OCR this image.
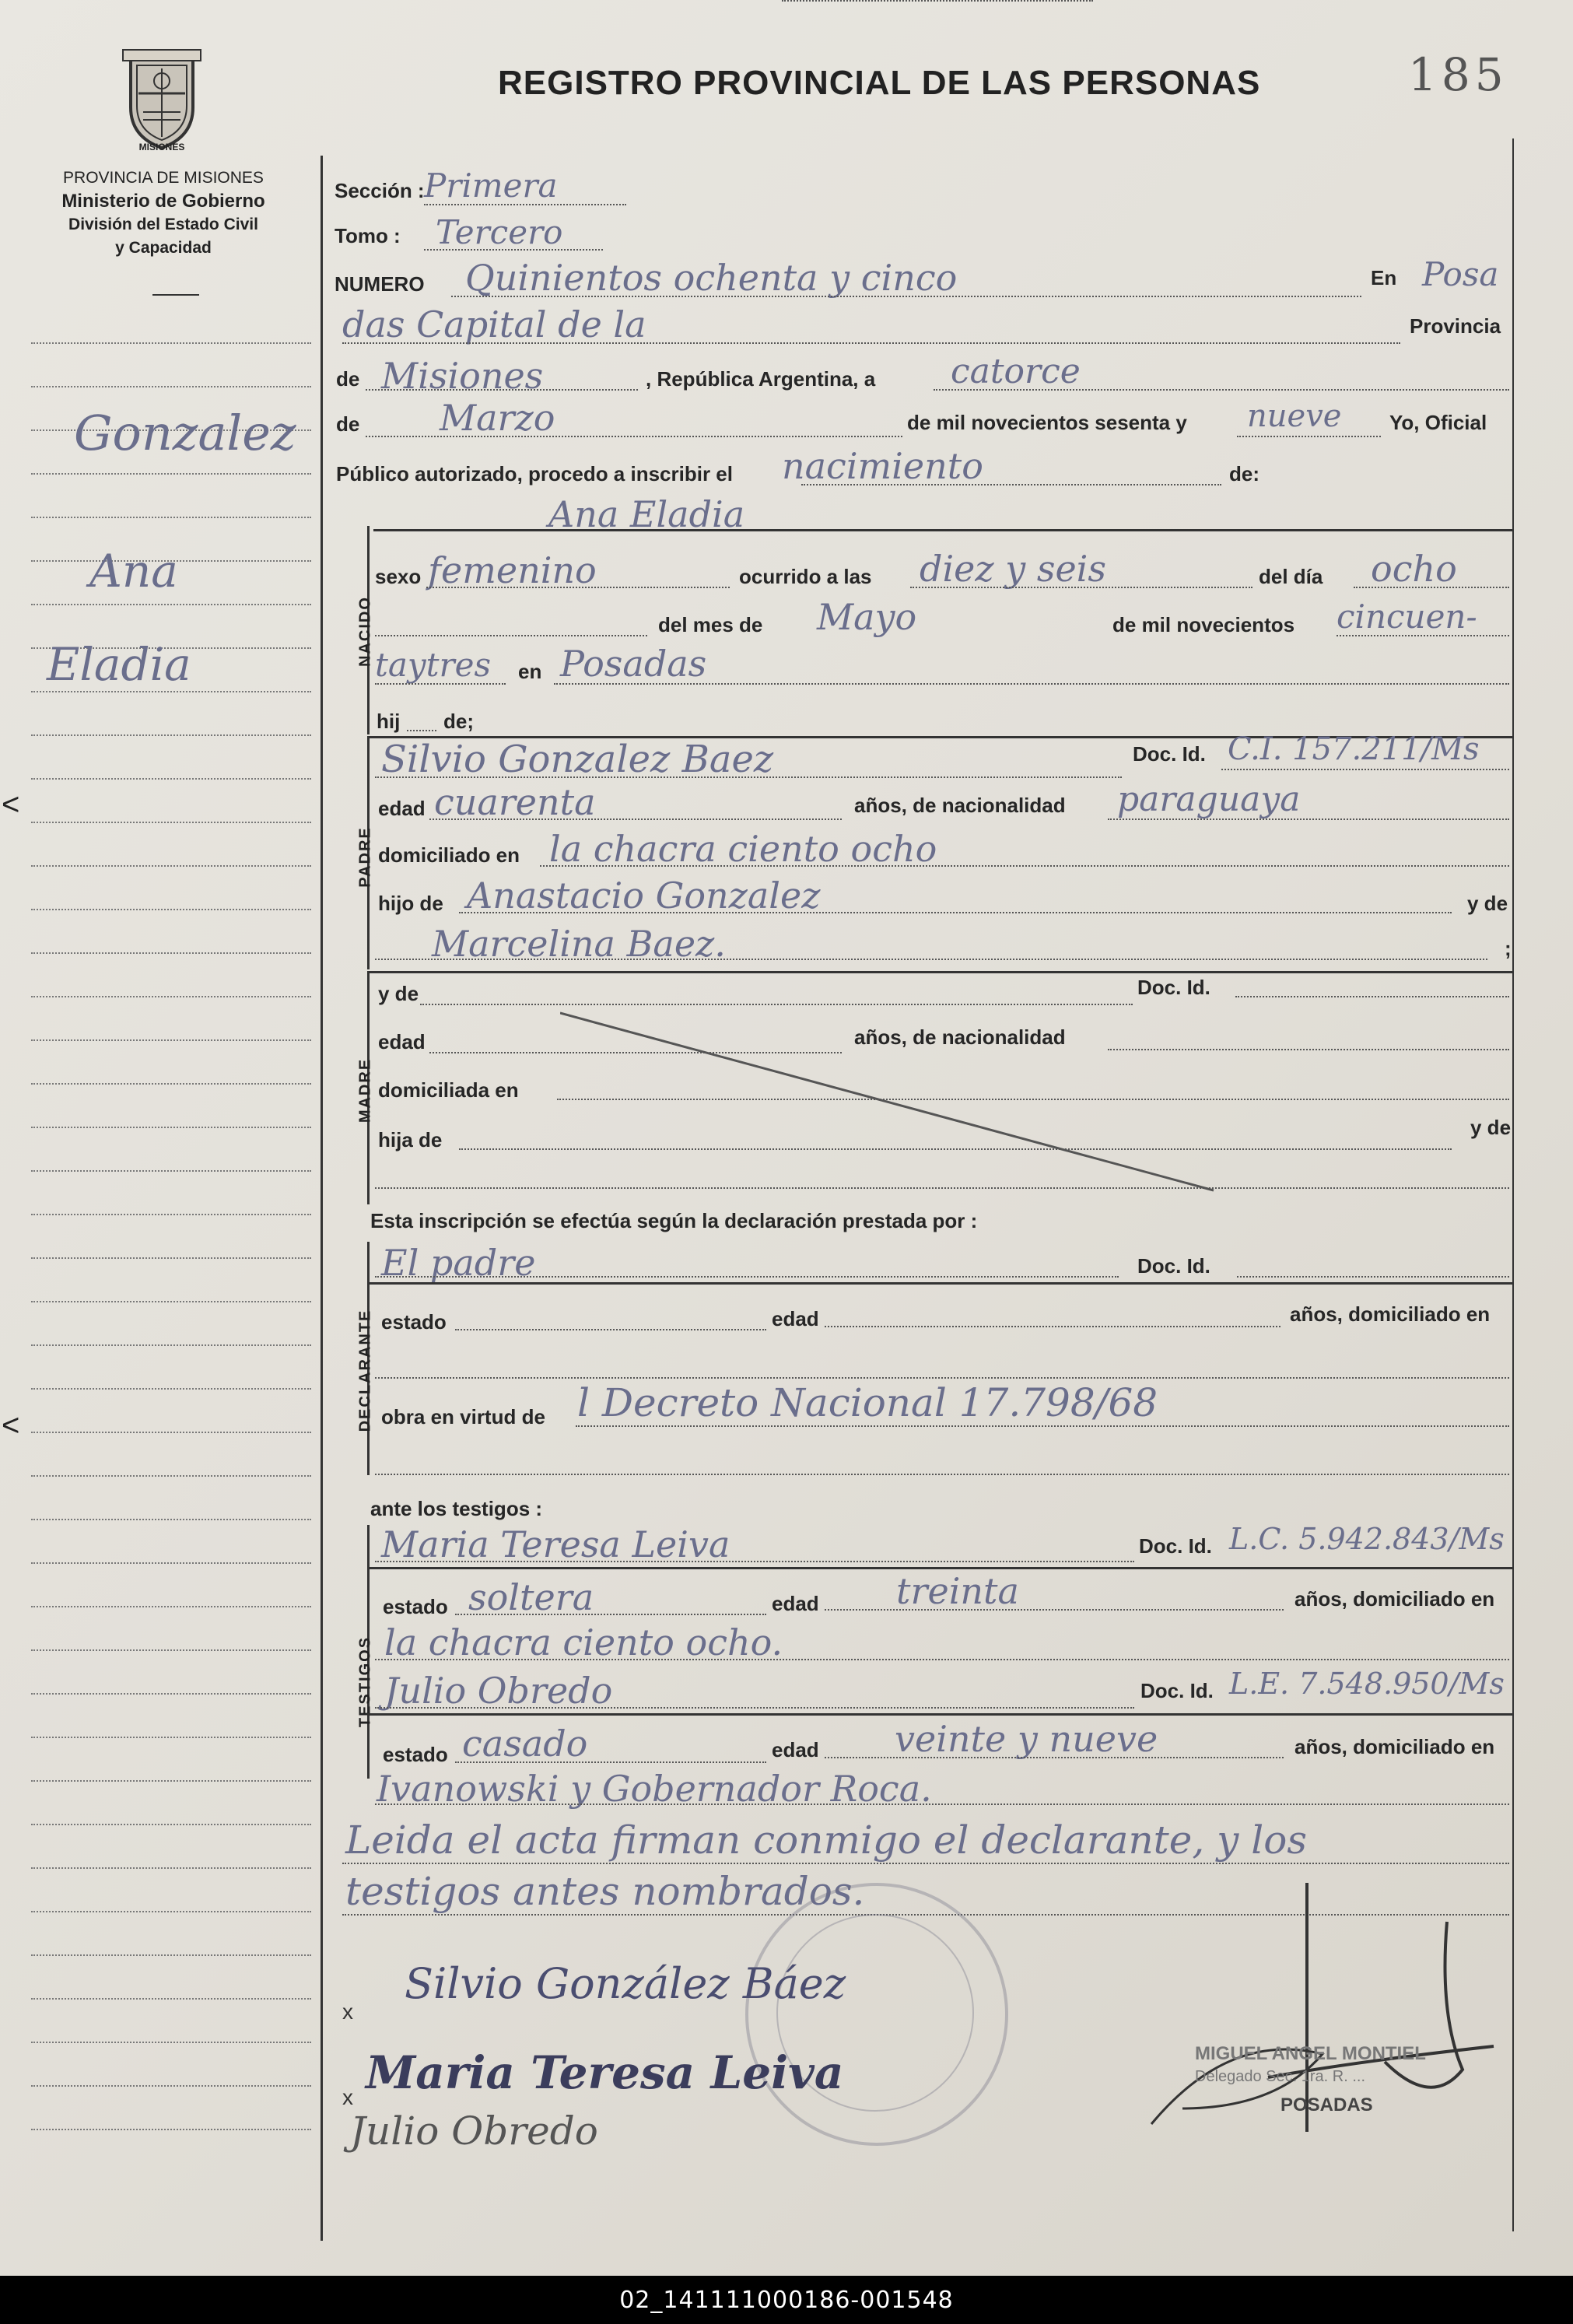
185
MISIONES
PROVINCIA DE MISIONES
Ministerio de Gobierno
División del Estado Civil
y Capacidad
REGISTRO PROVINCIAL DE LAS PERSONAS
Gonzalez
Ana
Eladia
Sección : Primera
Tomo : Tercero
NUMERO Quinientos ochenta y cinco	En Posa
das Capital de la	Provincia
de Misiones	, República Argentina, a catorce
de Marzo	de mil novecientos sesenta y nueve Yo, Oficial
Público autorizado, procedo a inscribir el nacimiento	de:
Ana Eladia
NACIDO
sexo femenino	ocurrido a las diez y seis	del día ocho
del mes de Mayo	de mil novecientos cincuen-
taytres en Posadas
hij de;
PADRE
Silvio Gonzalez Baez	Doc. Id. C.I. 157.211/Ms
edad cuarenta	años, de nacionalidad paraguaya
domiciliado en la chacra ciento ocho
hijo de Anastacio Gonzalez	y de
Marcelina Baez.	;
MADRE
y de	Doc. Id.
edad	años, de nacionalidad
domiciliada en
hija de
y de
Esta inscripción se efectúa según la declaración prestada por :
DECLARANTE
El padre	Doc. Id.
estado	edad	años, domiciliado en
obra en virtud de l Decreto Nacional 17.798/68
ante los testigos :
TESTIGOS
Maria Teresa Leiva	Doc. Id. L.C. 5.942.843/Ms
estado soltera	edad treinta	años, domiciliado en
la chacra ciento ocho.
Julio Obredo	Doc. Id. L.E. 7.548.950/Ms
estado casado	edad veinte y nueve	años, domiciliado en
Ivanowski y Gobernador Roca.
Leida el acta firman conmigo el declarante, y los
testigos antes nombrados.
x
Silvio González Báez
x Maria Teresa Leiva
Julio Obredo
MIGUEL ANGEL MONTIEL
Delegado Sec. 1ra. R. ...
POSADAS
<
<
02_141111000186-001548
